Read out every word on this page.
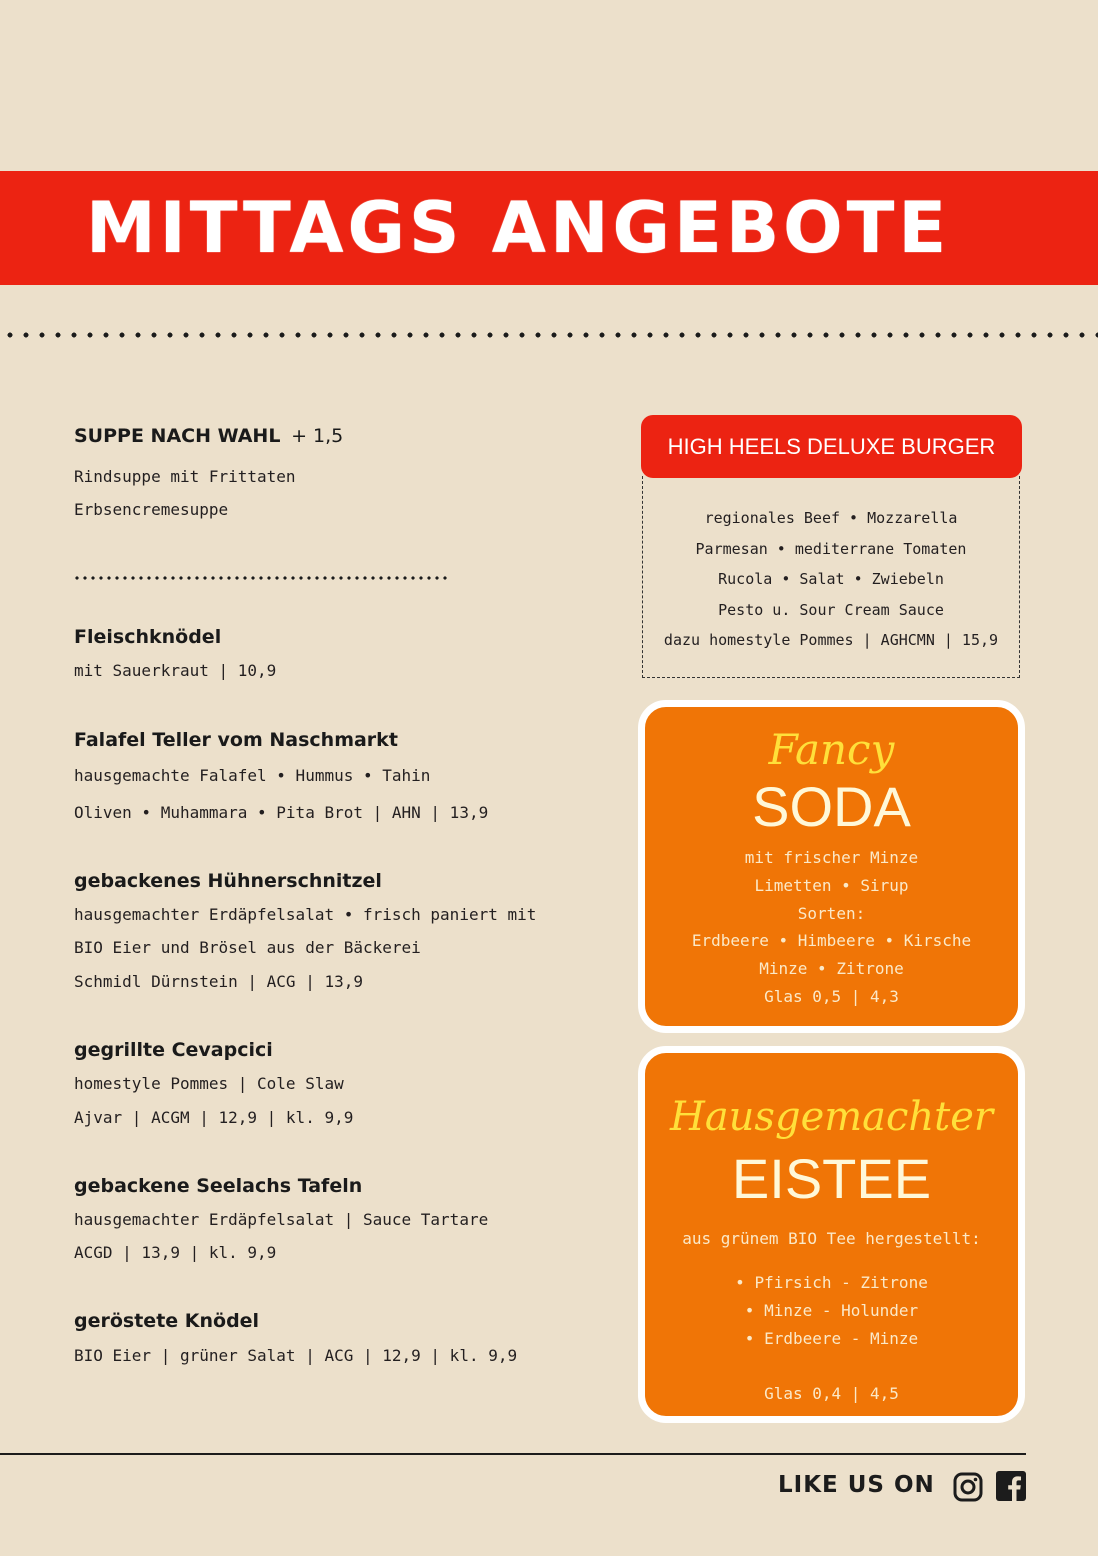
MITTAGS ANGEBOTE
SUPPE NACH WAHL + 1,5
Rindsuppe mit Frittaten
Erbsencremesuppe
Fleischknödel
mit Sauerkraut | 10,9
Falafel Teller vom Naschmarkt
hausgemachte Falafel • Hummus • Tahin
Oliven • Muhammara • Pita Brot | AHN | 13,9
gebackenes Hühnerschnitzel
hausgemachter Erdäpfelsalat • frisch paniert mit
BIO Eier und Brösel aus der Bäckerei
Schmidl Dürnstein | ACG | 13,9
gegrillte Cevapcici
homestyle Pommes | Cole Slaw
Ajvar | ACGM | 12,9 | kl. 9,9
gebackene Seelachs Tafeln
hausgemachter Erdäpfelsalat | Sauce Tartare
ACGD | 13,9 | kl. 9,9
geröstete Knödel
BIO Eier | grüner Salat | ACG | 12,9 | kl. 9,9
HIGH HEELS DELUXE BURGER
regionales Beef • Mozzarella
Parmesan • mediterrane Tomaten
Rucola • Salat • Zwiebeln
Pesto u. Sour Cream Sauce
dazu homestyle Pommes | AGHCMN | 15,9
Fancy
SODA
mit frischer Minze
Limetten • Sirup
Sorten:
Erdbeere • Himbeere • Kirsche
Minze • Zitrone
Glas 0,5 | 4,3
Hausgemachter
EISTEE
aus grünem BIO Tee hergestellt:
• Pfirsich - Zitrone
• Minze - Holunder
• Erdbeere - Minze
Glas 0,4 | 4,5
LIKE US ON
